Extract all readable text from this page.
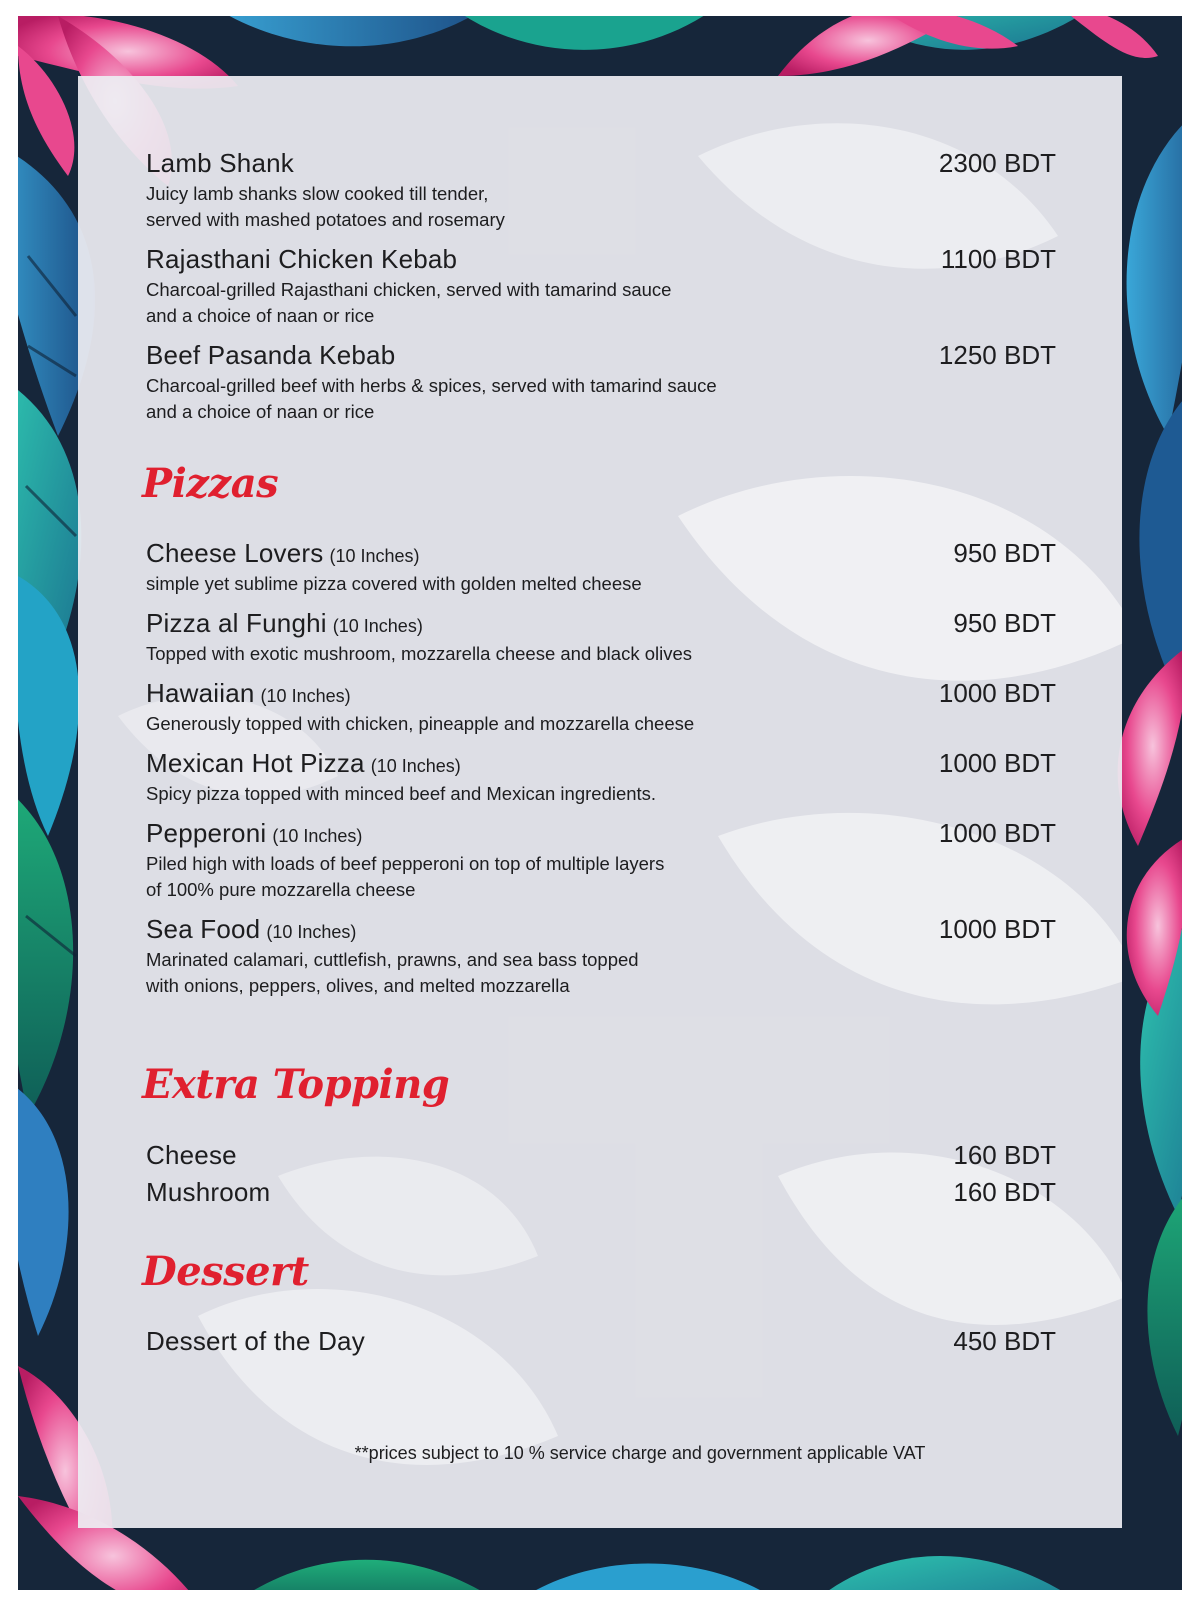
Lamb Shank	2300 BDT
Juicy lamb shanks slow cooked till tender,
served with mashed potatoes and rosemary
Rajasthani Chicken Kebab	1100 BDT
Charcoal-grilled Rajasthani chicken, served with tamarind sauce
and a choice of naan or rice
Beef Pasanda Kebab	1250 BDT
Charcoal-grilled beef with herbs & spices, served with tamarind sauce
and a choice of naan or rice
Pizzas
Cheese Lovers (10 Inches)	950 BDT
simple yet sublime pizza covered with golden melted cheese
Pizza al Funghi (10 Inches)	950 BDT
Topped with exotic mushroom, mozzarella cheese and black olives
Hawaiian (10 Inches)	1000 BDT
Generously topped with chicken, pineapple and mozzarella cheese
Mexican Hot Pizza (10 Inches)	1000 BDT
Spicy pizza topped with minced beef and Mexican ingredients.
Pepperoni (10 Inches)	1000 BDT
Piled high with loads of beef pepperoni on top of multiple layers
of 100% pure mozzarella cheese
Sea Food (10 Inches)	1000 BDT
Marinated calamari, cuttlefish, prawns, and sea bass topped
with onions, peppers, olives, and melted mozzarella
Extra Topping
Cheese	160 BDT
Mushroom	160 BDT
Dessert
Dessert of the Day	450 BDT
**prices subject to 10 % service charge and government applicable VAT
